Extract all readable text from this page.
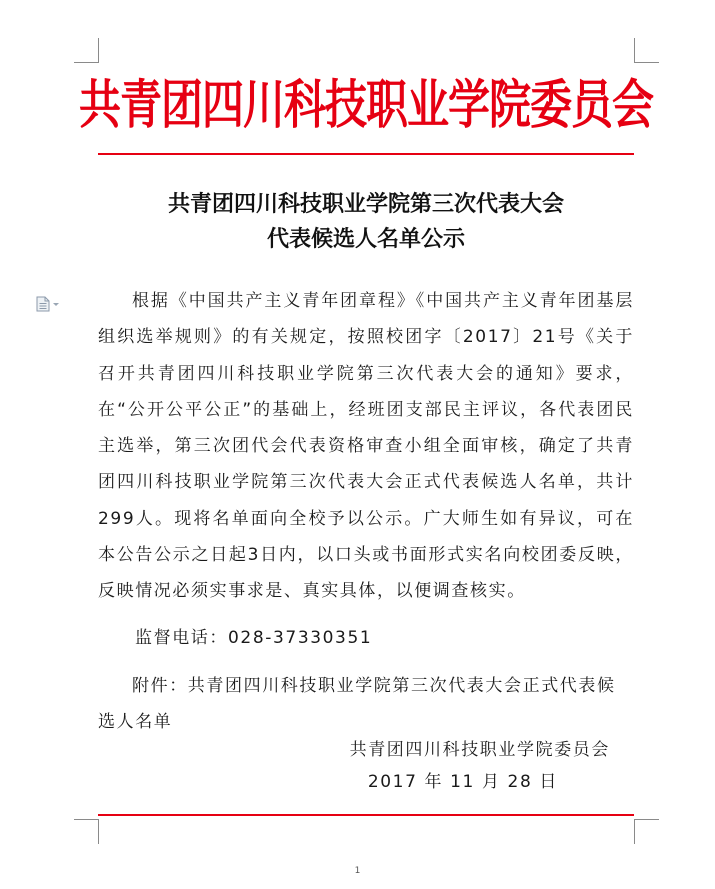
共青团四川科技职业学院委员会
共青团四川科技职业学院第三次代表大会
代表候选人名单公示
根据《中国共产主义青年团章程》《中国共产主义青年团基层组织选举规则》的有关规定，按照校团字〔2017〕21号《关于召开共青团四川科技职业学院第三次代表大会的通知》要求，在“公开公平公正”的基础上，经班团支部民主评议，各代表团民主选举，第三次团代会代表资格审查小组全面审核，确定了共青团四川科技职业学院第三次代表大会正式代表候选人名单，共计299人。现将名单面向全校予以公示。广大师生如有异议，可在本公告公示之日起3日内，以口头或书面形式实名向校团委反映，反映情况必须实事求是、真实具体，以便调查核实。
监督电话：028-37330351
附件：共青团四川科技职业学院第三次代表大会正式代表候选人名单
共青团四川科技职业学院委员会
2017 年 11 月 28 日
1
